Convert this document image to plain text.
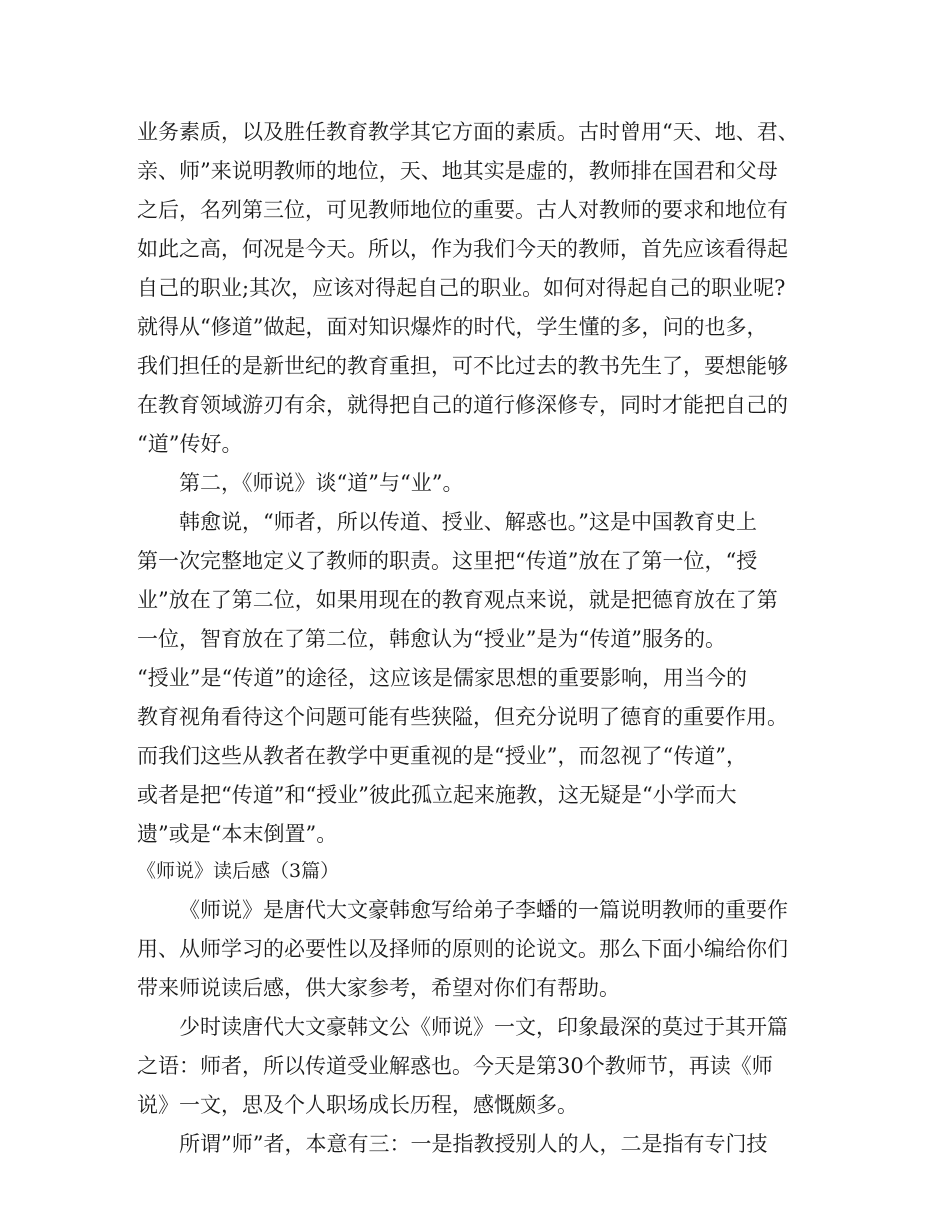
业务素质，以及胜任教育教学其它方面的素质。古时曾用“天、地、君、
亲、师”来说明教师的地位，天、地其实是虚的，教师排在国君和父母
之后，名列第三位，可见教师地位的重要。古人对教师的要求和地位有
如此之高，何况是今天。所以，作为我们今天的教师，首先应该看得起
自己的职业;其次，应该对得起自己的职业。如何对得起自己的职业呢?
就得从“修道”做起，面对知识爆炸的时代，学生懂的多，问的也多，
我们担任的是新世纪的教育重担，可不比过去的教书先生了，要想能够
在教育领域游刃有余，就得把自己的道行修深修专，同时才能把自己的
“道”传好。
第二，《师说》谈“道”与“业”。
韩愈说，“师者，所以传道、授业、解惑也。”这是中国教育史上
第一次完整地定义了教师的职责。这里把“传道”放在了第一位，“授
业”放在了第二位，如果用现在的教育观点来说，就是把德育放在了第
一位，智育放在了第二位，韩愈认为“授业”是为“传道”服务的。
“授业”是“传道”的途径，这应该是儒家思想的重要影响，用当今的
教育视角看待这个问题可能有些狭隘，但充分说明了德育的重要作用。
而我们这些从教者在教学中更重视的是“授业”，而忽视了“传道”，
或者是把“传道”和“授业”彼此孤立起来施教，这无疑是“小学而大
遗”或是“本末倒置”。
《师说》读后感（3篇）
《师说》是唐代大文豪韩愈写给弟子李蟠的一篇说明教师的重要作
用、从师学习的必要性以及择师的原则的论说文。那么下面小编给你们
带来师说读后感，供大家参考，希望对你们有帮助。
少时读唐代大文豪韩文公《师说》一文，印象最深的莫过于其开篇
之语：师者，所以传道受业解惑也。今天是第30个教师节，再读《师
说》一文，思及个人职场成长历程，感慨颇多。
所谓”师”者，本意有三：一是指教授别人的人，二是指有专门技
